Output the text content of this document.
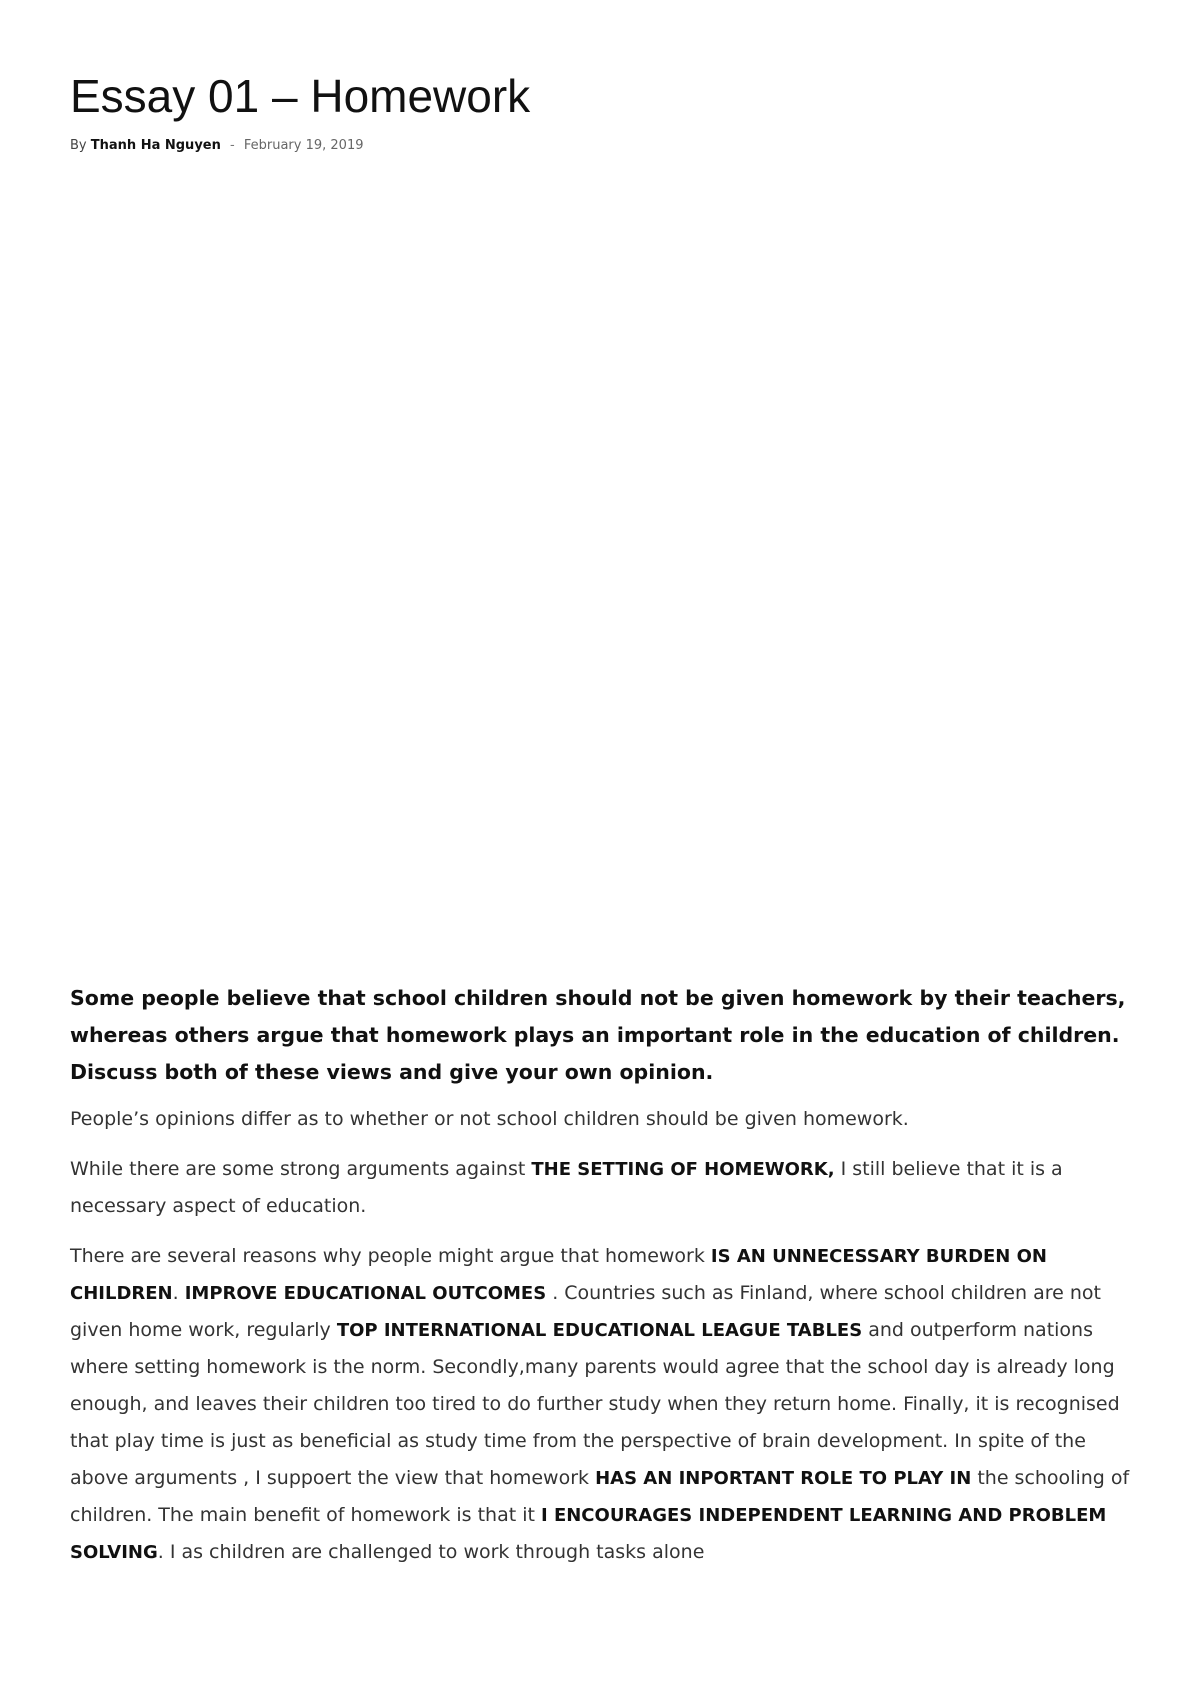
Essay 01 – Homework
By Thanh Ha Nguyen - February 19, 2019

Some people believe that school children should not be given homework by their teachers, whereas others argue that homework plays an important role in the education of children. Discuss both of these views and give your own opinion.

People’s opinions differ as to whether or not school children should be given homework.

While there are some strong arguments against THE SETTING OF HOMEWORK, I still believe that it is a necessary aspect of education.

There are several reasons why people might argue that homework IS AN UNNECESSARY BURDEN ON CHILDREN. IMPROVE EDUCATIONAL OUTCOMES . Countries such as Finland, where school children are not given home work, regularly TOP INTERNATIONAL EDUCATIONAL LEAGUE TABLES and outperform nations where setting homework is the norm. Secondly,many parents would agree that the school day is already long enough, and leaves their children too tired to do further study when they return home. Finally, it is recognised that play time is just as beneficial as study time from the perspective of brain development. In spite of the above arguments , I suppoert the view that homework HAS AN INPORTANT ROLE TO PLAY IN the schooling of children. The main benefit of homework is that it I ENCOURAGES INDEPENDENT LEARNING AND PROBLEM SOLVING. I as children are challenged to work through tasks alone
